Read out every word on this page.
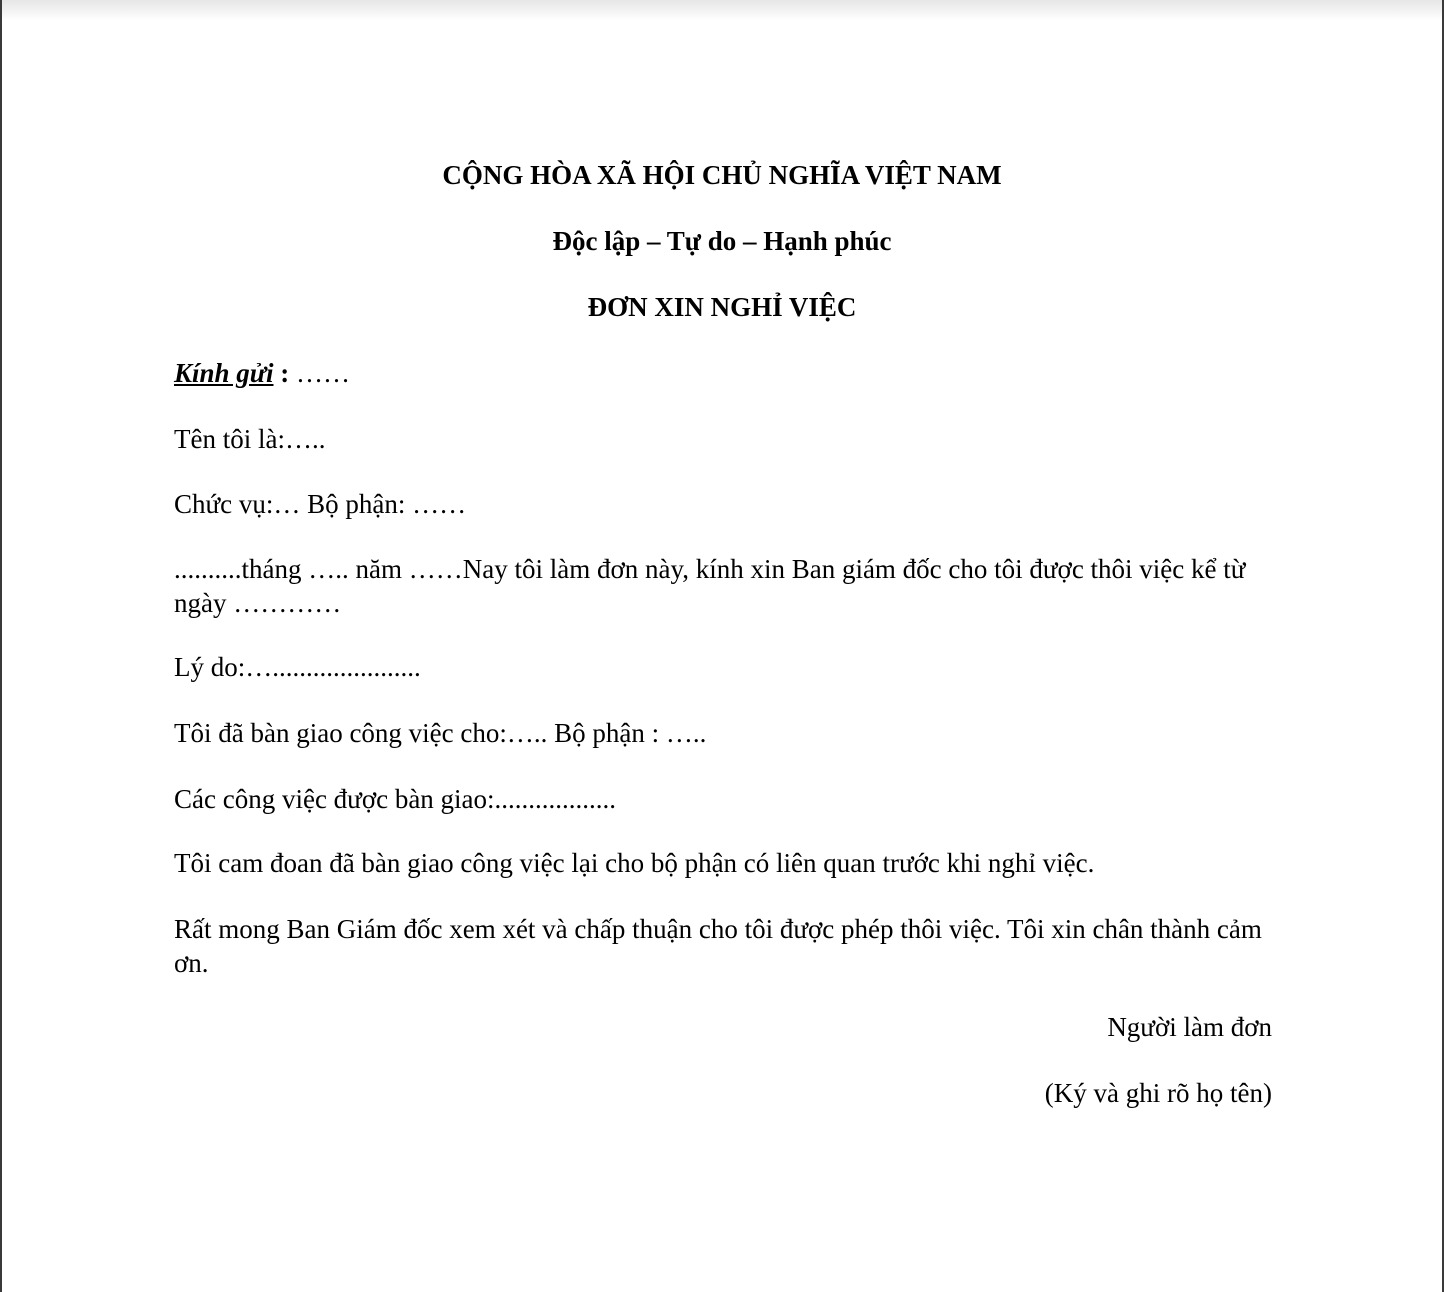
CỘNG HÒA XÃ HỘI CHỦ NGHĨA VIỆT NAM
Độc lập – Tự do – Hạnh phúc
ĐƠN XIN NGHỈ VIỆC
Kính gửi : ……
Tên tôi là:…..
Chức vụ:… Bộ phận: ……
..........tháng ….. năm ……Nay tôi làm đơn này, kính xin Ban giám đốc cho tôi được thôi việc kể từ ngày …………
Lý do:…......................
Tôi đã bàn giao công việc cho:….. Bộ phận : …..
Các công việc được bàn giao:..................
Tôi cam đoan đã bàn giao công việc lại cho bộ phận có liên quan trước khi nghỉ việc.
Rất mong Ban Giám đốc xem xét và chấp thuận cho tôi được phép thôi việc. Tôi xin chân thành cảm ơn.
Người làm đơn
(Ký và ghi rõ họ tên)
